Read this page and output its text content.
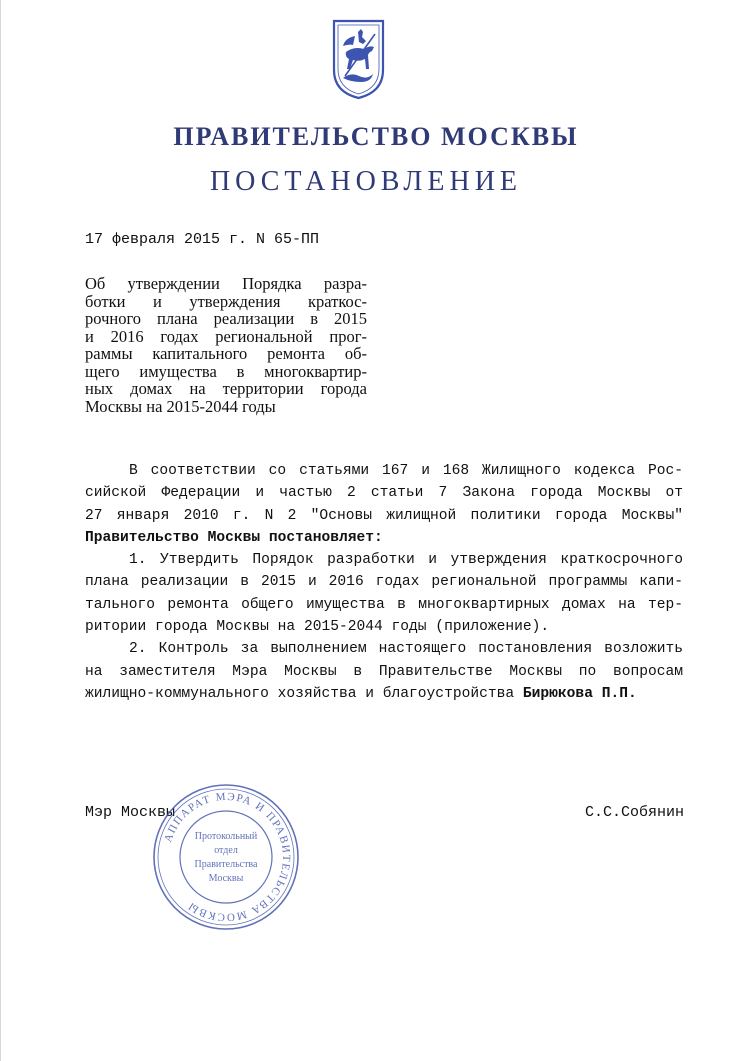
ПРАВИТЕЛЬСТВО МОСКВЫ
ПОСТАНОВЛЕНИЕ
17 февраля 2015 г. N 65-ПП
Об утверждении Порядка разра-
ботки и утверждения краткос-
рочного плана реализации в 2015
и 2016 годах региональной прог-
раммы капитального ремонта об-
щего имущества в многоквартир-
ных домах на территории города
Москвы на 2015-2044 годы
В соответствии со статьями 167 и 168 Жилищного кодекса Рос-
сийской Федерации и частью 2 статьи 7 Закона города Москвы от
27 января 2010 г. N 2 "Основы жилищной политики города Москвы"
Правительство Москвы постановляет:
1. Утвердить Порядок разработки и утверждения краткосрочного
плана реализации в 2015 и 2016 годах региональной программы капи-
тального ремонта общего имущества в многоквартирных домах на тер-
ритории города Москвы на 2015-2044 годы (приложение).
2. Контроль за выполнением настоящего постановления возложить
на заместителя Мэра Москвы в Правительстве Москвы по вопросам
жилищно-коммунального хозяйства и благоустройства Бирюкова П.П.
Мэр Москвы	С.С.Собянин
АППАРАТ МЭРА И ПРАВИТЕЛЬСТВА МОСКВЫ
Протокольный
отдел
Правительства
Москвы
